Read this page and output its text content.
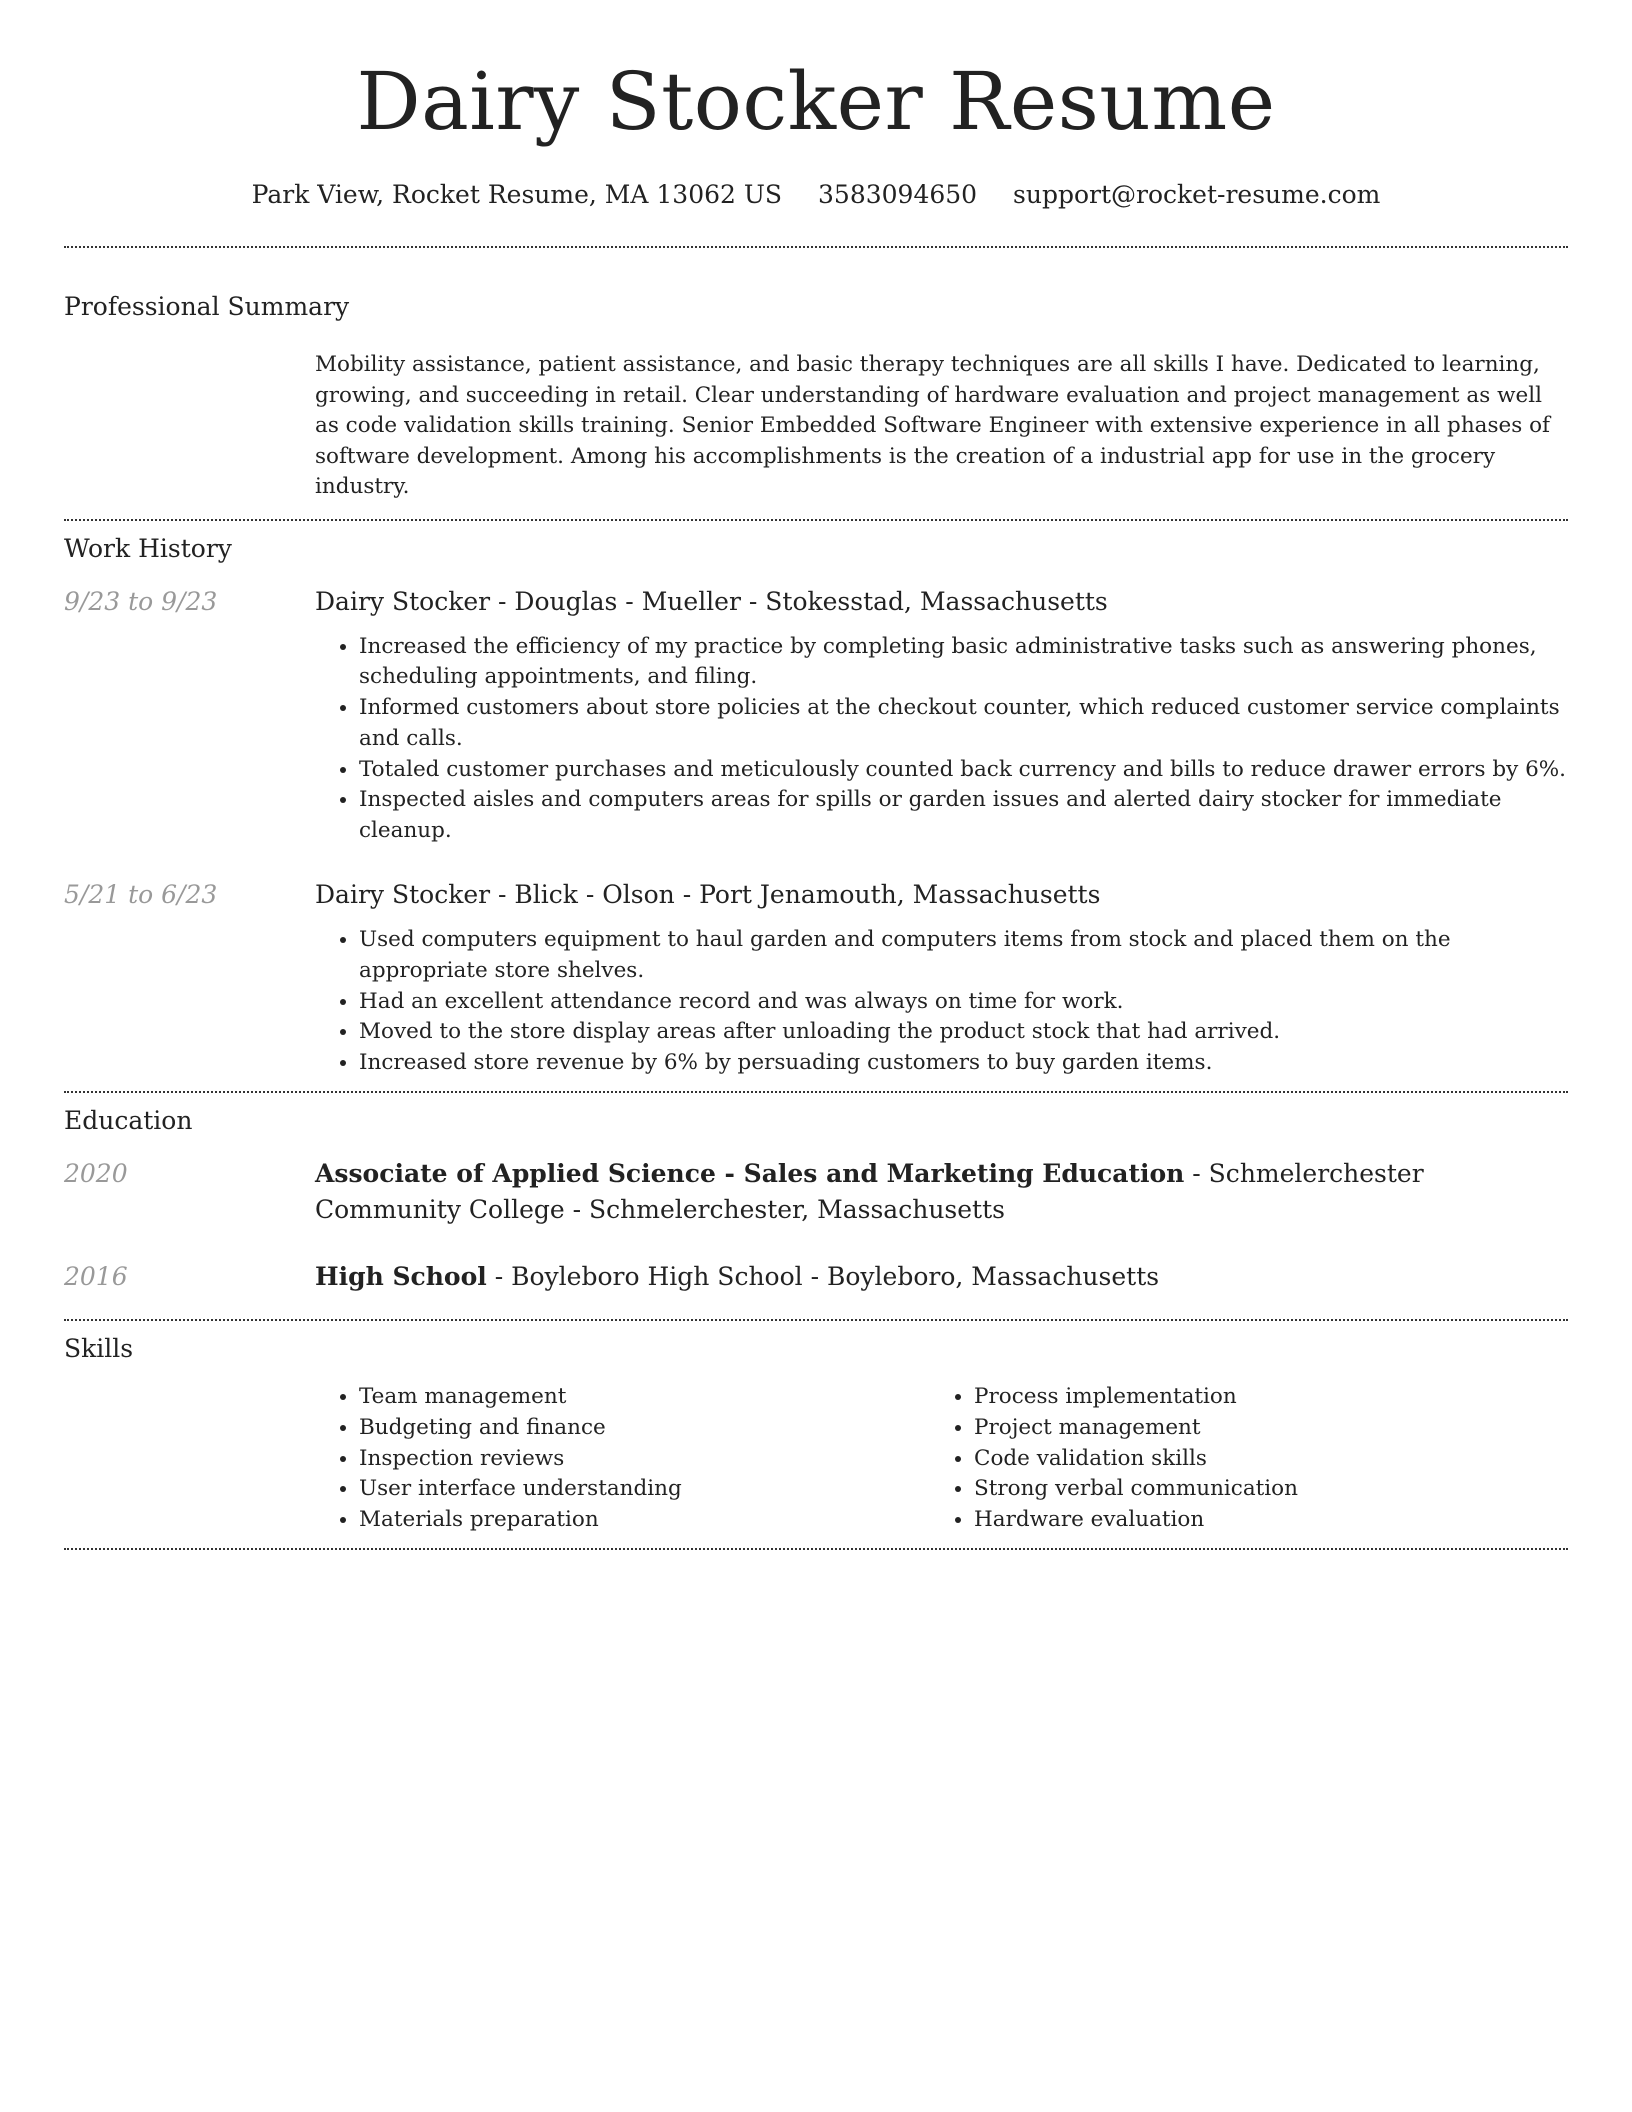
Dairy Stocker Resume
Park View, Rocket Resume, MA 13062 US 3583094650 support@rocket-resume.com
Professional Summary
Mobility assistance, patient assistance, and basic therapy techniques are all skills I have. Dedicated to learning, growing, and succeeding in retail. Clear understanding of hardware evaluation and project management as well as code validation skills training. Senior Embedded Software Engineer with extensive experience in all phases of software development. Among his accomplishments is the creation of a industrial app for use in the grocery industry.
Work History
9/23 to 9/23	Dairy Stocker - Douglas - Mueller - Stokesstad, Massachusetts
• Increased the efficiency of my practice by completing basic administrative tasks such as answering phones, scheduling appointments, and filing.
• Informed customers about store policies at the checkout counter, which reduced customer service complaints and calls.
• Totaled customer purchases and meticulously counted back currency and bills to reduce drawer errors by 6%.
• Inspected aisles and computers areas for spills or garden issues and alerted dairy stocker for immediate cleanup.
5/21 to 6/23	Dairy Stocker - Blick - Olson - Port Jenamouth, Massachusetts
• Used computers equipment to haul garden and computers items from stock and placed them on the appropriate store shelves.
• Had an excellent attendance record and was always on time for work.
• Moved to the store display areas after unloading the product stock that had arrived.
• Increased store revenue by 6% by persuading customers to buy garden items.
Education
2020	Associate of Applied Science - Sales and Marketing Education - Schmelerchester Community College - Schmelerchester, Massachusetts
2016	High School - Boyleboro High School - Boyleboro, Massachusetts
Skills
• Team management
• Budgeting and finance
• Inspection reviews
• User interface understanding
• Materials preparation
• Process implementation
• Project management
• Code validation skills
• Strong verbal communication
• Hardware evaluation
